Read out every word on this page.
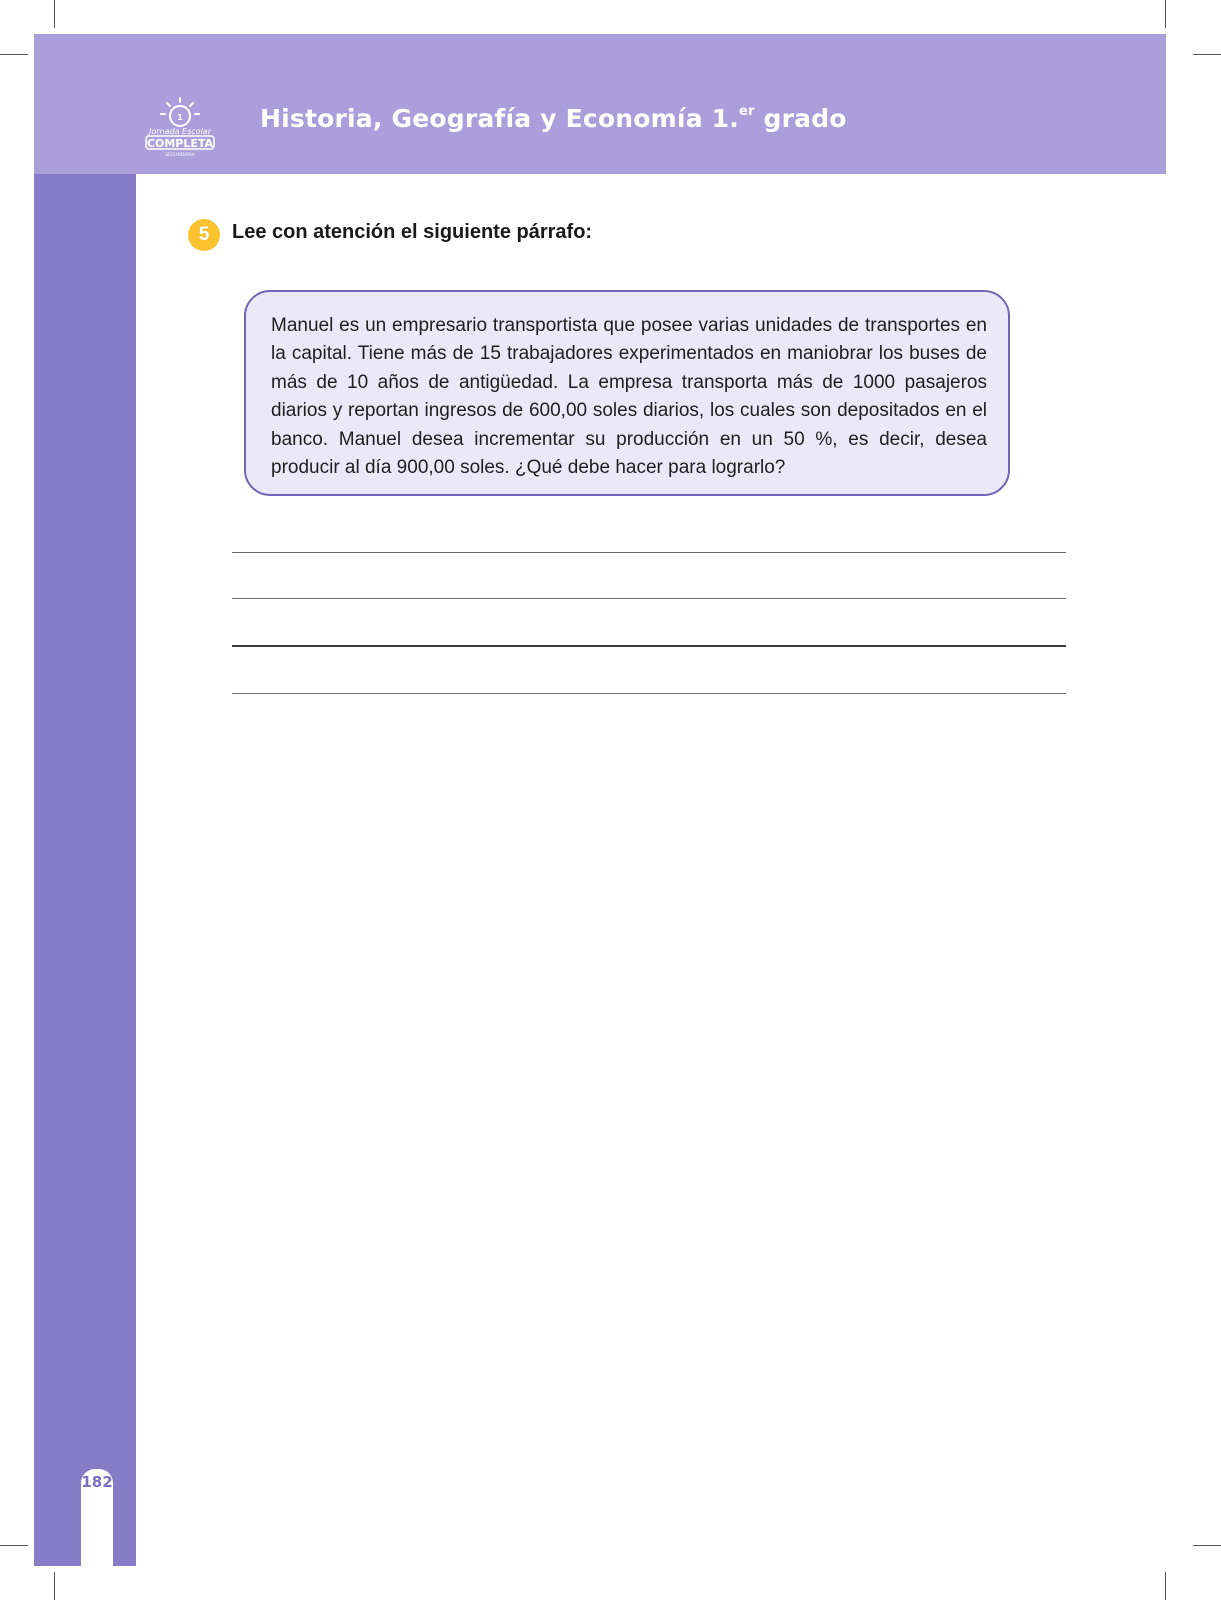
1
Jornada Escolar
COMPLETA
SECUNDARIA
Historia, Geografía y Economía 1.$^{er}$ grado
5	Lee con atención el siguiente párrafo:

Manuel es un empresario transportista que posee varias unidades de transportes en la capital. Tiene más de 15 trabajadores experimentados en maniobrar los buses de más de 10 años de antigüedad. La empresa transporta más de 1000 pasajeros diarios y reportan ingresos de 600,00 soles diarios, los cuales son depositados en el banco. Manuel desea incrementar su producción en un 50 %, es decir, desea producir al día 900,00 soles. ¿Qué debe hacer para lograrlo?

182
